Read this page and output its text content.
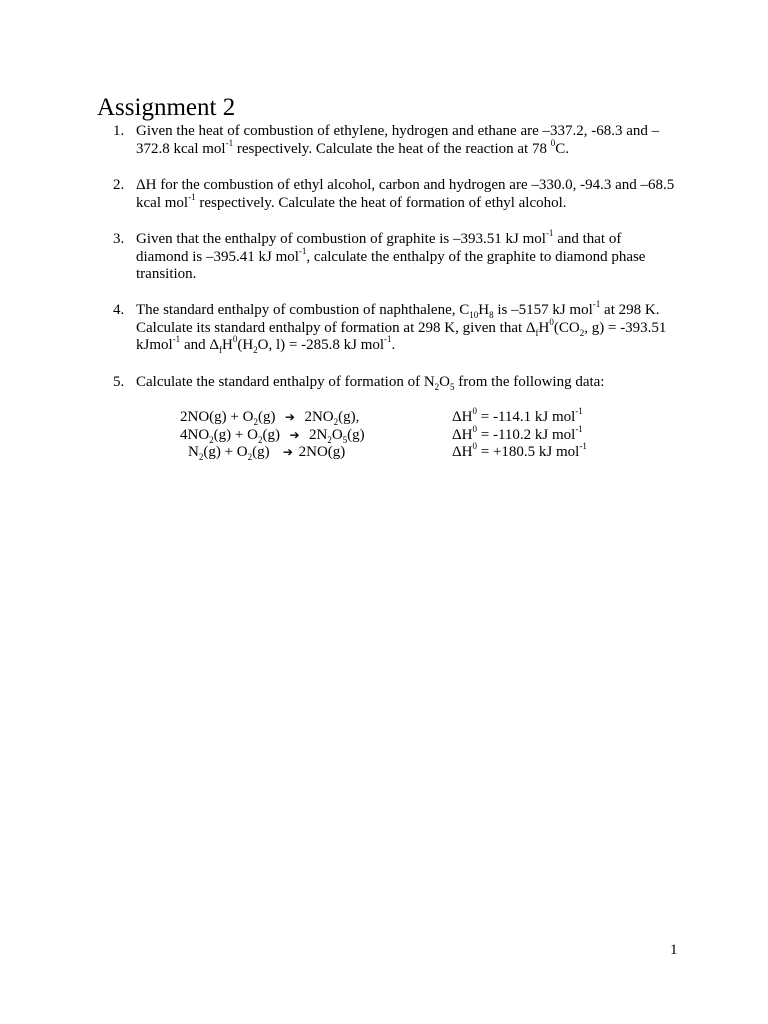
Assignment 2
1. Given the heat of combustion of ethylene, hydrogen and ethane are –337.2, -68.3 and –
372.8 kcal mol$^{-1}$ respectively. Calculate the heat of the reaction at 78 $^0$C.
2. ΔH for the combustion of ethyl alcohol, carbon and hydrogen are –330.0, -94.3 and –68.5
kcal mol$^{-1}$ respectively. Calculate the heat of formation of ethyl alcohol.
3. Given that the enthalpy of combustion of graphite is –393.51 kJ mol$^{-1}$ and that of
diamond is –395.41 kJ mol$^{-1}$, calculate the enthalpy of the graphite to diamond phase
transition.
4. The standard enthalpy of combustion of naphthalene, $C_{10}H_8$ is –5157 kJ mol$^{-1}$ at 298 K.
Calculate its standard enthalpy of formation at 298 K, given that $\Delta_fH^0(CO_2$, g) = -393.51
kJmol$^{-1}$ and $\Delta_fH^0(H_2O$, l) = -285.8 kJ mol$^{-1}$.
5. Calculate the standard enthalpy of formation of $N_2O_5$ from the following data:
$2NO(g) + O_2(g)$ ➔ $2NO_2(g)$,	$\Delta H^0 = -114.1$ kJ mol$^{-1}$
$4NO_2(g) + O_2(g)$ ➔ $2N_2O_5(g)$	$\Delta H^0 = -110.2$ kJ mol$^{-1}$
$N_2(g) + O_2(g)$ ➔ 2NO(g)	$\Delta H^0 = +180.5$ kJ mol$^{-1}$
1
